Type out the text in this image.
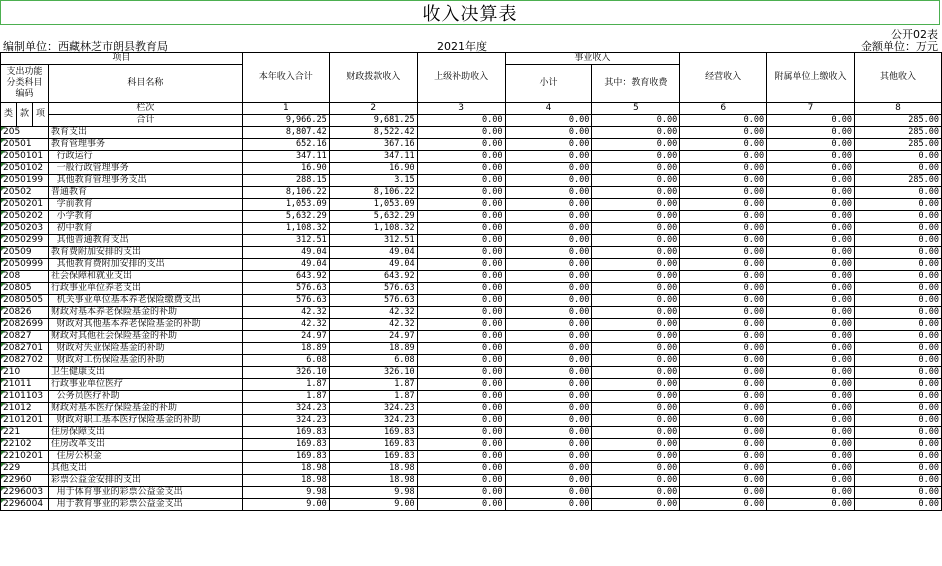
收入决算表
公开02表
编制单位：西藏林芝市朗县教育局	2021年度	金额单位：万元
项目				本年收入合计	财政拨款收入	上级补助收入	事业收入		经营收入	附属单位上缴收入	其他收入
支出功能分类科目编码			科目名称				小计	其中：教育收费			

类	款	项	栏次	1	2	3	4	5	6	7	8
			合计	9,966.25	9,681.25	0.00	0.00	0.00	0.00	0.00	285.00
205			教育支出	8,807.42	8,522.42	0.00	0.00	0.00	0.00	0.00	285.00
20501			教育管理事务	652.16	367.16	0.00	0.00	0.00	0.00	0.00	285.00
2050101			行政运行	347.11	347.11	0.00	0.00	0.00	0.00	0.00	0.00
2050102			一般行政管理事务	16.90	16.90	0.00	0.00	0.00	0.00	0.00	0.00
2050199			其他教育管理事务支出	288.15	3.15	0.00	0.00	0.00	0.00	0.00	285.00
20502			普通教育	8,106.22	8,106.22	0.00	0.00	0.00	0.00	0.00	0.00
2050201			学前教育	1,053.09	1,053.09	0.00	0.00	0.00	0.00	0.00	0.00
2050202			小学教育	5,632.29	5,632.29	0.00	0.00	0.00	0.00	0.00	0.00
2050203			初中教育	1,108.32	1,108.32	0.00	0.00	0.00	0.00	0.00	0.00
2050299			其他普通教育支出	312.51	312.51	0.00	0.00	0.00	0.00	0.00	0.00
20509			教育费附加安排的支出	49.04	49.04	0.00	0.00	0.00	0.00	0.00	0.00
2050999			其他教育费附加安排的支出	49.04	49.04	0.00	0.00	0.00	0.00	0.00	0.00
208			社会保障和就业支出	643.92	643.92	0.00	0.00	0.00	0.00	0.00	0.00
20805			行政事业单位养老支出	576.63	576.63	0.00	0.00	0.00	0.00	0.00	0.00
2080505			机关事业单位基本养老保险缴费支出	576.63	576.63	0.00	0.00	0.00	0.00	0.00	0.00
20826			财政对基本养老保险基金的补助	42.32	42.32	0.00	0.00	0.00	0.00	0.00	0.00
2082699			财政对其他基本养老保险基金的补助	42.32	42.32	0.00	0.00	0.00	0.00	0.00	0.00
20827			财政对其他社会保险基金的补助	24.97	24.97	0.00	0.00	0.00	0.00	0.00	0.00
2082701			财政对失业保险基金的补助	18.89	18.89	0.00	0.00	0.00	0.00	0.00	0.00
2082702			财政对工伤保险基金的补助	6.08	6.08	0.00	0.00	0.00	0.00	0.00	0.00
210			卫生健康支出	326.10	326.10	0.00	0.00	0.00	0.00	0.00	0.00
21011			行政事业单位医疗	1.87	1.87	0.00	0.00	0.00	0.00	0.00	0.00
2101103			公务员医疗补助	1.87	1.87	0.00	0.00	0.00	0.00	0.00	0.00
21012			财政对基本医疗保险基金的补助	324.23	324.23	0.00	0.00	0.00	0.00	0.00	0.00
2101201			财政对职工基本医疗保险基金的补助	324.23	324.23	0.00	0.00	0.00	0.00	0.00	0.00
221			住房保障支出	169.83	169.83	0.00	0.00	0.00	0.00	0.00	0.00
22102			住房改革支出	169.83	169.83	0.00	0.00	0.00	0.00	0.00	0.00
2210201			住房公积金	169.83	169.83	0.00	0.00	0.00	0.00	0.00	0.00
229			其他支出	18.98	18.98	0.00	0.00	0.00	0.00	0.00	0.00
22960			彩票公益金安排的支出	18.98	18.98	0.00	0.00	0.00	0.00	0.00	0.00
2296003			用于体育事业的彩票公益金支出	9.98	9.98	0.00	0.00	0.00	0.00	0.00	0.00
2296004			用于教育事业的彩票公益金支出	9.00	9.00	0.00	0.00	0.00	0.00	0.00	0.00
